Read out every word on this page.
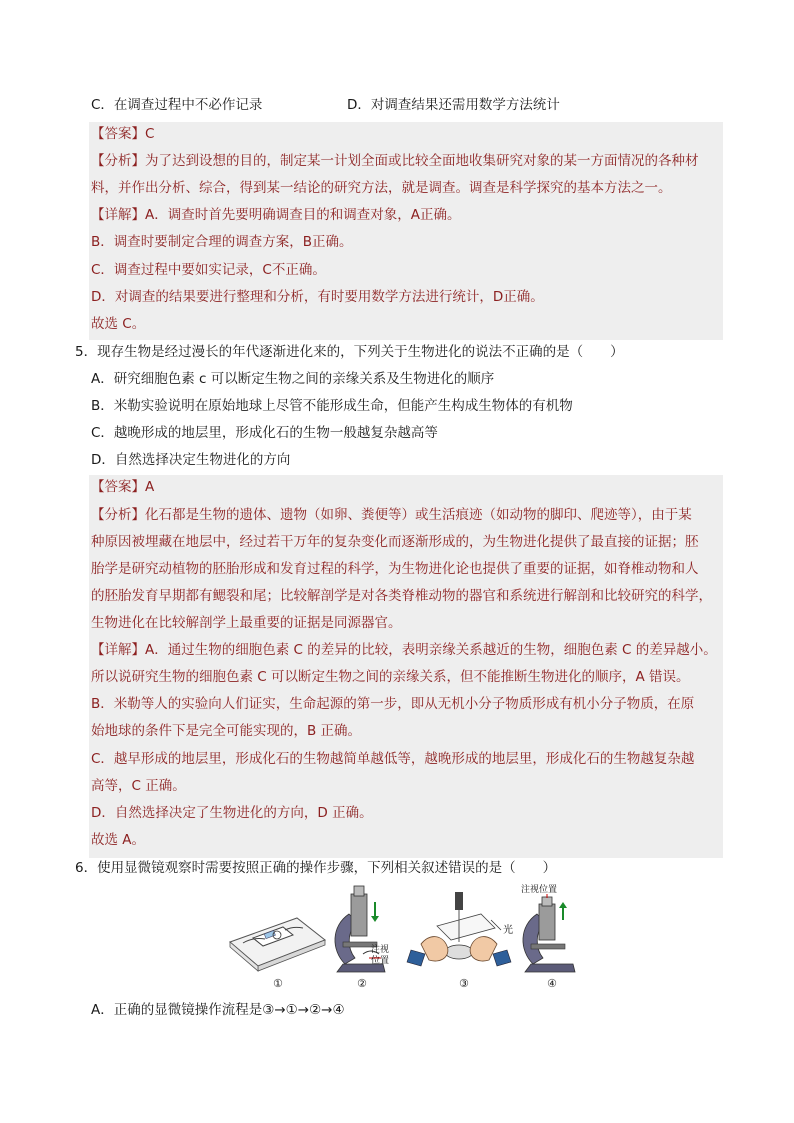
C．在调查过程中不必作记录	D．对调查结果还需用数学方法统计
【答案】C
【分析】为了达到设想的目的，制定某一计划全面或比较全面地收集研究对象的某一方面情况的各种材
料，并作出分析、综合，得到某一结论的研究方法，就是调查。调查是科学探究的基本方法之一。
【详解】A．调查时首先要明确调查目的和调查对象，A正确。
B．调查时要制定合理的调查方案，B正确。
C．调查过程中要如实记录，C不正确。
D．对调查的结果要进行整理和分析，有时要用数学方法进行统计，D正确。
故选 C。
5．现存生物是经过漫长的年代逐渐进化来的，下列关于生物进化的说法不正确的是（　　）
A．研究细胞色素 c 可以断定生物之间的亲缘关系及生物进化的顺序
B．米勒实验说明在原始地球上尽管不能形成生命，但能产生构成生物体的有机物
C．越晚形成的地层里，形成化石的生物一般越复杂越高等
D．自然选择决定生物进化的方向
【答案】A
【分析】化石都是生物的遗体、遗物（如卵、粪便等）或生活痕迹（如动物的脚印、爬迹等），由于某
种原因被埋藏在地层中，经过若干万年的复杂变化而逐渐形成的，为生物进化提供了最直接的证据；胚
胎学是研究动植物的胚胎形成和发育过程的科学，为生物进化论也提供了重要的证据，如脊椎动物和人
的胚胎发育早期都有鳃裂和尾；比较解剖学是对各类脊椎动物的器官和系统进行解剖和比较研究的科学，
生物进化在比较解剖学上最重要的证据是同源器官。
【详解】A．通过生物的细胞色素 C 的差异的比较，表明亲缘关系越近的生物，细胞色素 C 的差异越小。
所以说研究生物的细胞色素 C 可以断定生物之间的亲缘关系，但不能推断生物进化的顺序，A 错误。
B．米勒等人的实验向人们证实，生命起源的第一步，即从无机小分子物质形成有机小分子物质，在原
始地球的条件下是完全可能实现的，B 正确。
C．越早形成的地层里，形成化石的生物越简单越低等，越晚形成的地层里，形成化石的生物越复杂越
高等，C 正确。
D．自然选择决定了生物进化的方向，D 正确。
故选 A。
6．使用显微镜观察时需要按照正确的操作步骤，下列相关叙述错误的是（　　）
注视
位置
光
注视位置
①	②	③	④
A．正确的显微镜操作流程是③→①→②→④
